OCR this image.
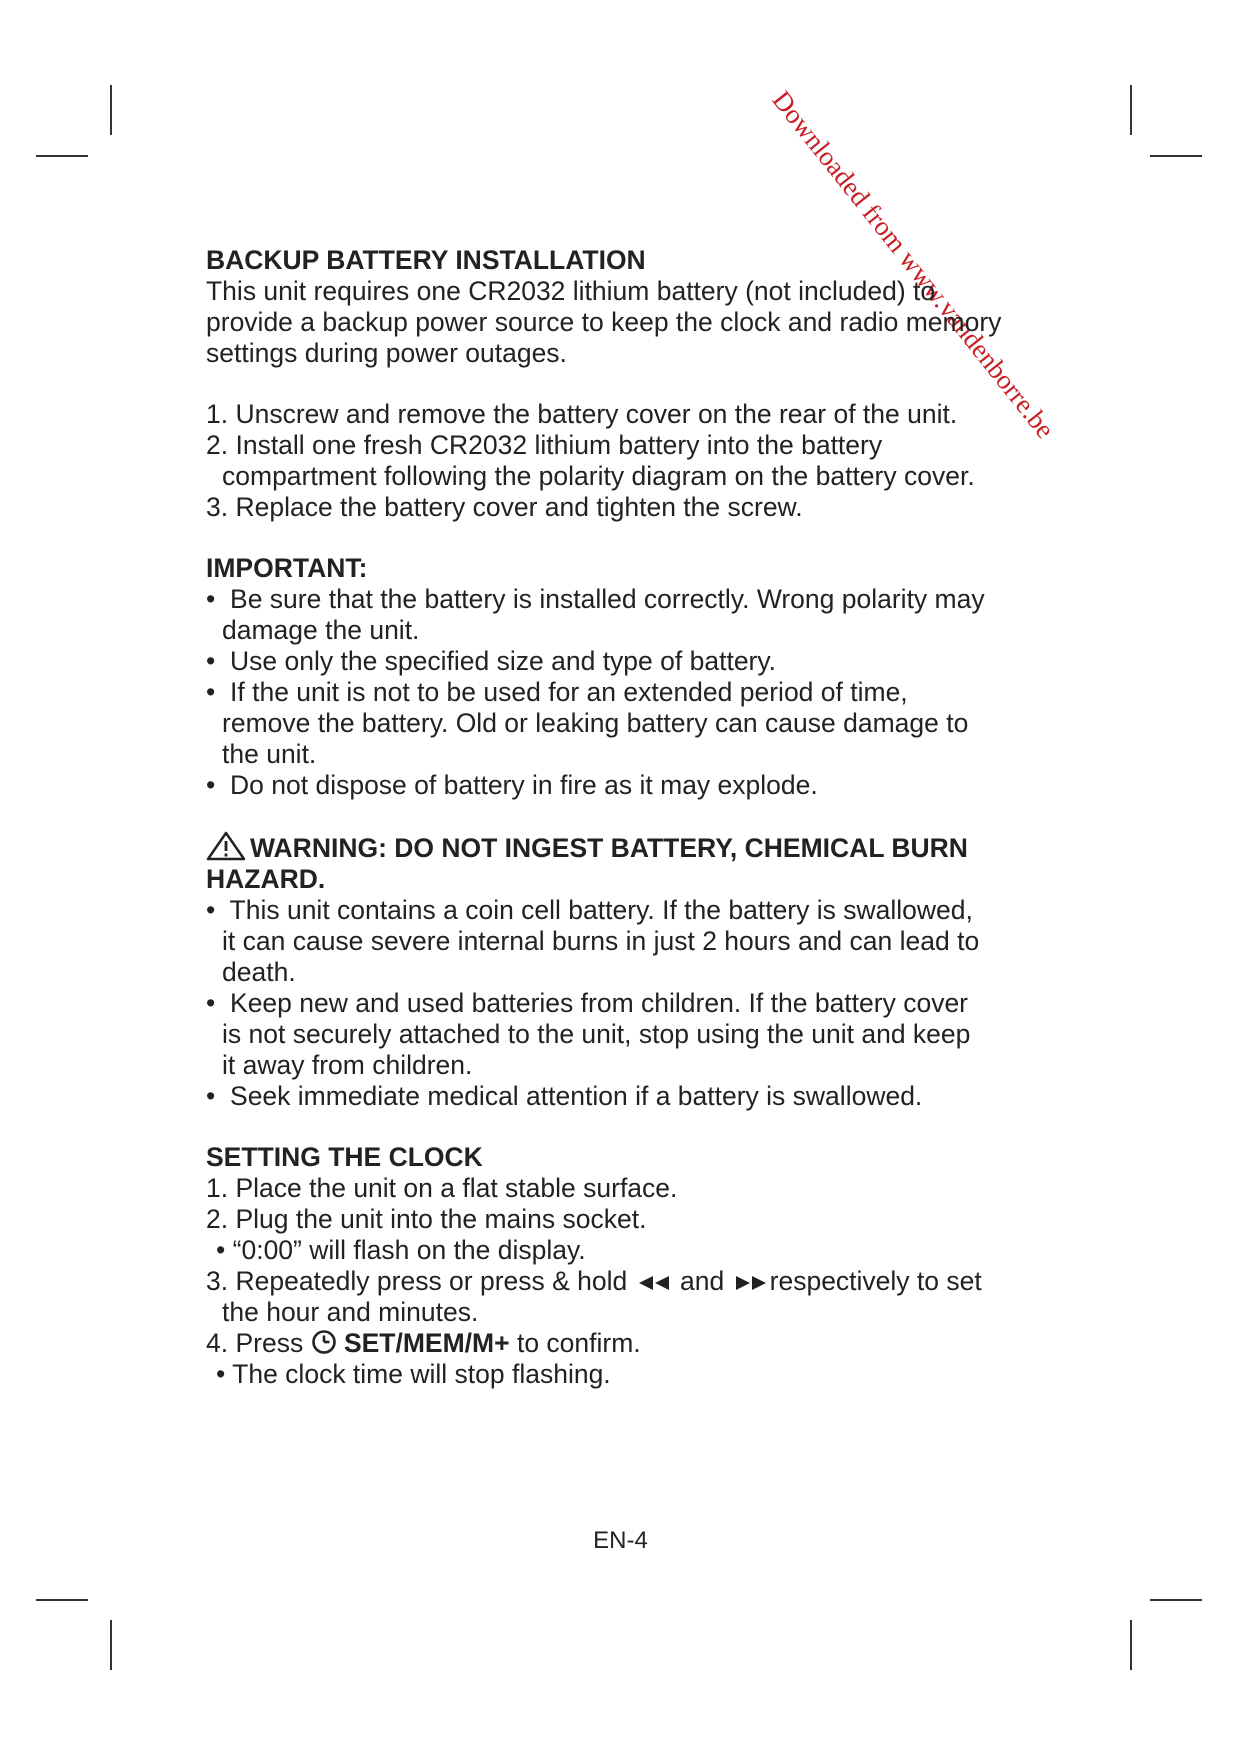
Downloaded from www.vandenborre.be
BACKUP BATTERY INSTALLATION
This unit requires one CR2032 lithium battery (not included) to
provide a backup power source to keep the clock and radio memory
settings during power outages.
1. Unscrew and remove the battery cover on the rear of the unit.
2. Install one fresh CR2032 lithium battery into the battery
compartment following the polarity diagram on the battery cover.
3. Replace the battery cover and tighten the screw.
IMPORTANT:
•  Be sure that the battery is installed correctly. Wrong polarity may
damage the unit.
•  Use only the specified size and type of battery.
•  If the unit is not to be used for an extended period of time,
remove the battery. Old or leaking battery can cause damage to
the unit.
•  Do not dispose of battery in fire as it may explode.
WARNING: DO NOT INGEST BATTERY, CHEMICAL BURN
HAZARD.
•  This unit contains a coin cell battery. If the battery is swallowed,
it can cause severe internal burns in just 2 hours and can lead to
death.
•  Keep new and used batteries from children. If the battery cover
is not securely attached to the unit, stop using the unit and keep
it away from children.
•  Seek immediate medical attention if a battery is swallowed.
SETTING THE CLOCK
1. Place the unit on a flat stable surface.
2. Plug the unit into the mains socket.
• “0:00” will flash on the display.
3. Repeatedly press or press & hold and respectively to set
the hour and minutes.
4. Press SET/MEM/M+ to confirm.
• The clock time will stop flashing.
EN-4
